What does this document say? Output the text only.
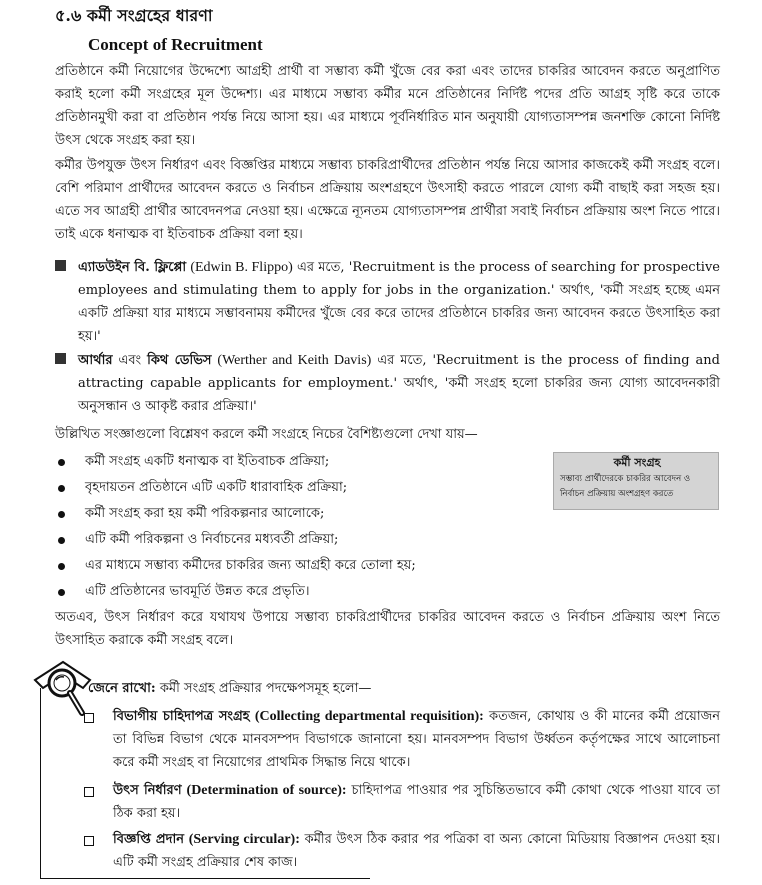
৫.৬ কর্মী সংগ্রহের ধারণা
Concept of Recruitment

প্রতিষ্ঠানে কর্মী নিয়োগের উদ্দেশ্যে আগ্রহী প্রার্থী বা সম্ভাব্য কর্মী খুঁজে বের করা এবং তাদের চাকরির আবেদন করতে অনুপ্রাণিত করাই হলো কর্মী সংগ্রহের মূল উদ্দেশ্য। এর মাধ্যমে সম্ভাব্য কর্মীর মনে প্রতিষ্ঠানের নির্দিষ্ট পদের প্রতি আগ্রহ সৃষ্টি করে তাকে প্রতিষ্ঠানমুখী করা বা প্রতিষ্ঠান পর্যন্ত নিয়ে আসা হয়। এর মাধ্যমে পূর্বনির্ধারিত মান অনুযায়ী যোগ্যতাসম্পন্ন জনশক্তি কোনো নির্দিষ্ট উৎস থেকে সংগ্রহ করা হয়।

কর্মীর উপযুক্ত উৎস নির্ধারণ এবং বিজ্ঞপ্তির মাধ্যমে সম্ভাব্য চাকরিপ্রার্থীদের প্রতিষ্ঠান পর্যন্ত নিয়ে আসার কাজকেই কর্মী সংগ্রহ বলে। বেশি পরিমাণ প্রার্থীদের আবেদন করতে ও নির্বাচন প্রক্রিয়ায় অংশগ্রহণে উৎসাহী করতে পারলে যোগ্য কর্মী বাছাই করা সহজ হয়। এতে সব আগ্রহী প্রার্থীর আবেদনপত্র নেওয়া হয়। এক্ষেত্রে ন্যূনতম যোগ্যতাসম্পন্ন প্রার্থীরা সবাই নির্বাচন প্রক্রিয়ায় অংশ নিতে পারে। তাই একে ধনাত্মক বা ইতিবাচক প্রক্রিয়া বলা হয়।

এ্যাডউইন বি. ফ্লিপ্পো (Edwin B. Flippo) এর মতে, 'Recruitment is the process of searching for prospective employees and stimulating them to apply for jobs in the organization.' অর্থাৎ, 'কর্মী সংগ্রহ হচ্ছে এমন একটি প্রক্রিয়া যার মাধ্যমে সম্ভাবনাময় কর্মীদের খুঁজে বের করে তাদের প্রতিষ্ঠানে চাকরির জন্য আবেদন করতে উৎসাহিত করা হয়।'

আর্থার এবং কিথ ডেভিস (Werther and Keith Davis) এর মতে, 'Recruitment is the process of finding and attracting capable applicants for employment.' অর্থাৎ, 'কর্মী সংগ্রহ হলো চাকরির জন্য যোগ্য আবেদনকারী অনুসন্ধান ও আকৃষ্ট করার প্রক্রিয়া।'

উল্লিখিত সংজ্ঞাগুলো বিশ্লেষণ করলে কর্মী সংগ্রহে নিচের বৈশিষ্ট্যগুলো দেখা যায়—

কর্মী সংগ্রহ একটি ধনাত্মক বা ইতিবাচক প্রক্রিয়া;
বৃহদায়তন প্রতিষ্ঠানে এটি একটি ধারাবাহিক প্রক্রিয়া;
কর্মী সংগ্রহ করা হয় কর্মী পরিকল্পনার আলোকে;
এটি কর্মী পরিকল্পনা ও নির্বাচনের মধ্যবর্তী প্রক্রিয়া;
এর মাধ্যমে সম্ভাব্য কর্মীদের চাকরির জন্য আগ্রহী করে তোলা হয়;
এটি প্রতিষ্ঠানের ভাবমূর্তি উন্নত করে প্রভৃতি।
কর্মী সংগ্রহ
সম্ভাব্য প্রার্থীদেরকে চাকরির আবেদন ও
নির্বাচন প্রক্রিয়ায় অংশগ্রহণ করতে

অতএব, উৎস নির্ধারণ করে যথাযথ উপায়ে সম্ভাব্য চাকরিপ্রার্থীদের চাকরির আবেদন করতে ও নির্বাচন প্রক্রিয়ায় অংশ নিতে উৎসাহিত করাকে কর্মী সংগ্রহ বলে।

জেনে রাখো: কর্মী সংগ্রহ প্রক্রিয়ার পদক্ষেপসমূহ হলো—

বিভাগীয় চাহিদাপত্র সংগ্রহ (Collecting departmental requisition): কতজন, কোথায় ও কী মানের কর্মী প্রয়োজন তা বিভিন্ন বিভাগ থেকে মানবসম্পদ বিভাগকে জানানো হয়। মানবসম্পদ বিভাগ উর্ধ্বতন কর্তৃপক্ষের সাথে আলোচনা করে কর্মী সংগ্রহ বা নিয়োগের প্রাথমিক সিদ্ধান্ত নিয়ে থাকে।

উৎস নির্ধারণ (Determination of source): চাহিদাপত্র পাওয়ার পর সুচিন্তিতভাবে কর্মী কোথা থেকে পাওয়া যাবে তা ঠিক করা হয়।

বিজ্ঞপ্তি প্রদান (Serving circular): কর্মীর উৎস ঠিক করার পর পত্রিকা বা অন্য কোনো মিডিয়ায় বিজ্ঞাপন দেওয়া হয়। এটি কর্মী সংগ্রহ প্রক্রিয়ার শেষ কাজ।
